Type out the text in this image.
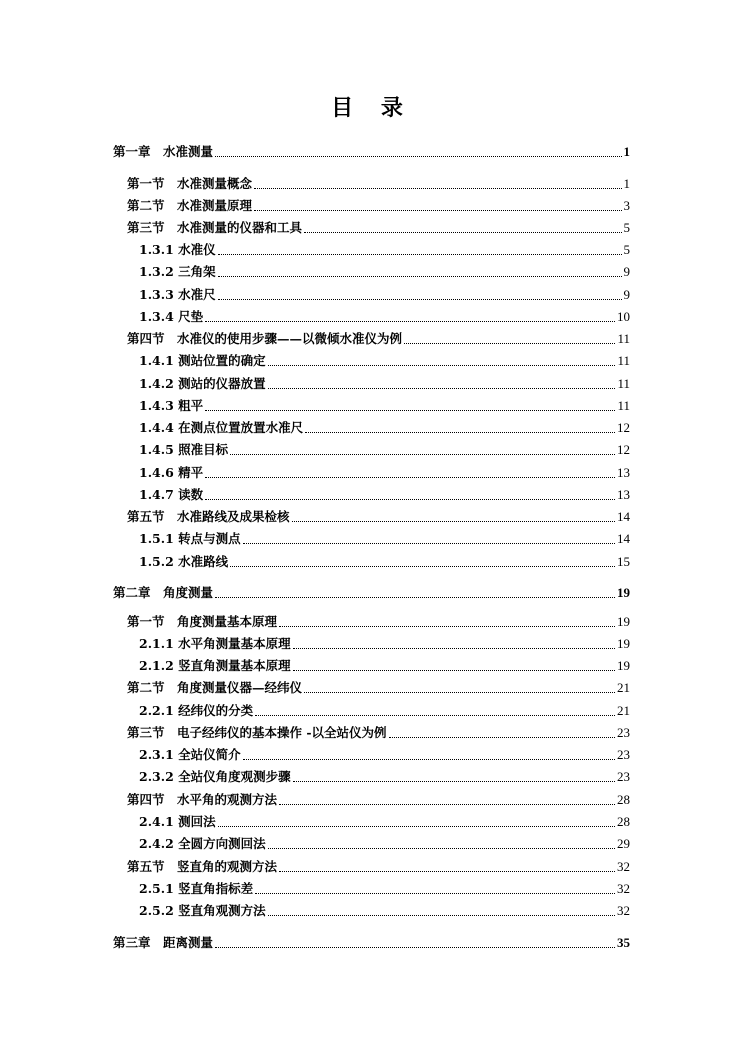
目 录
第一章　水准测量	1
第一节　水准测量概念	1
第二节　水准测量原理	3
第三节　水准测量的仪器和工具	5
1.3.1 水准仪	5
1.3.2 三角架	9
1.3.3 水准尺	9
1.3.4 尺垫	10
第四节　水准仪的使用步骤——以微倾水准仪为例	11
1.4.1 测站位置的确定	11
1.4.2 测站的仪器放置	11
1.4.3 粗平	11
1.4.4 在测点位置放置水准尺	12
1.4.5 照准目标	12
1.4.6 精平	13
1.4.7 读数	13
第五节　水准路线及成果检核	14
1.5.1 转点与测点	14
1.5.2 水准路线	15
第二章　角度测量	19
第一节　角度测量基本原理	19
2.1.1 水平角测量基本原理	19
2.1.2 竖直角测量基本原理	19
第二节　角度测量仪器—经纬仪	21
2.2.1 经纬仪的分类	21
第三节　电子经纬仪的基本操作 -以全站仪为例	23
2.3.1 全站仪简介	23
2.3.2 全站仪角度观测步骤	23
第四节　水平角的观测方法	28
2.4.1 测回法	28
2.4.2 全圆方向测回法	29
第五节　竖直角的观测方法	32
2.5.1 竖直角指标差	32
2.5.2 竖直角观测方法	32
第三章　距离测量	35
